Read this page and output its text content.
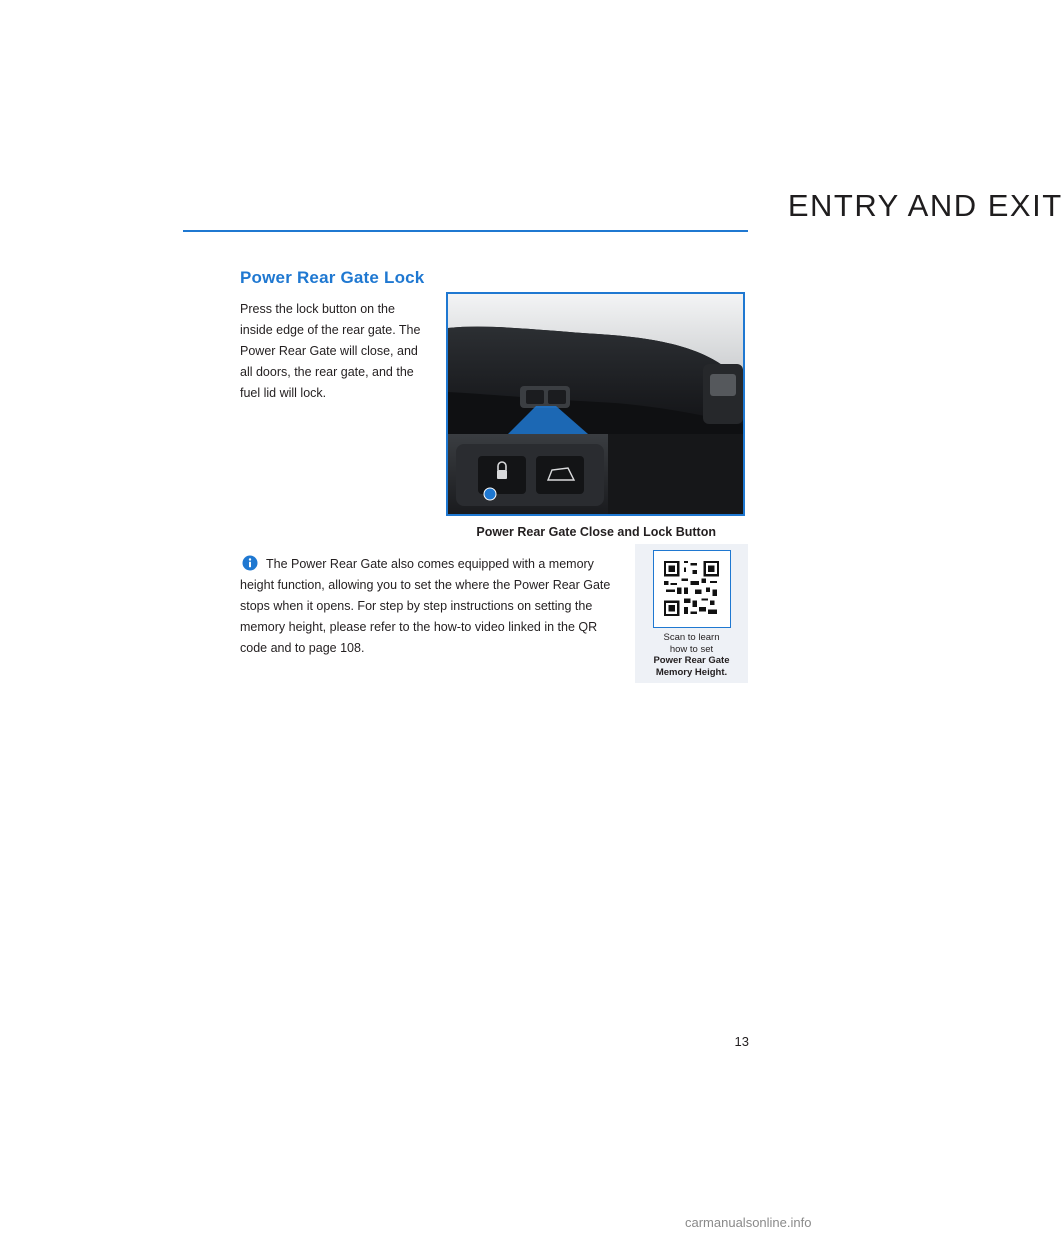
ENTRY AND EXIT
Power Rear Gate Lock

Press the lock button on the inside edge of the rear gate. The Power Rear Gate will close, and all doors, the rear gate, and the fuel lid will lock.

Power Rear Gate Close and Lock Button

The Power Rear Gate also comes equipped with a memory height function, allowing you to set the where the Power Rear Gate stops when it opens. For step by step instructions on setting the memory height, please refer to the how-to video linked in the QR code and to page 108.

Scan to learn
how to set
Power Rear Gate
Memory Height.

13

carmanualsonline.info
